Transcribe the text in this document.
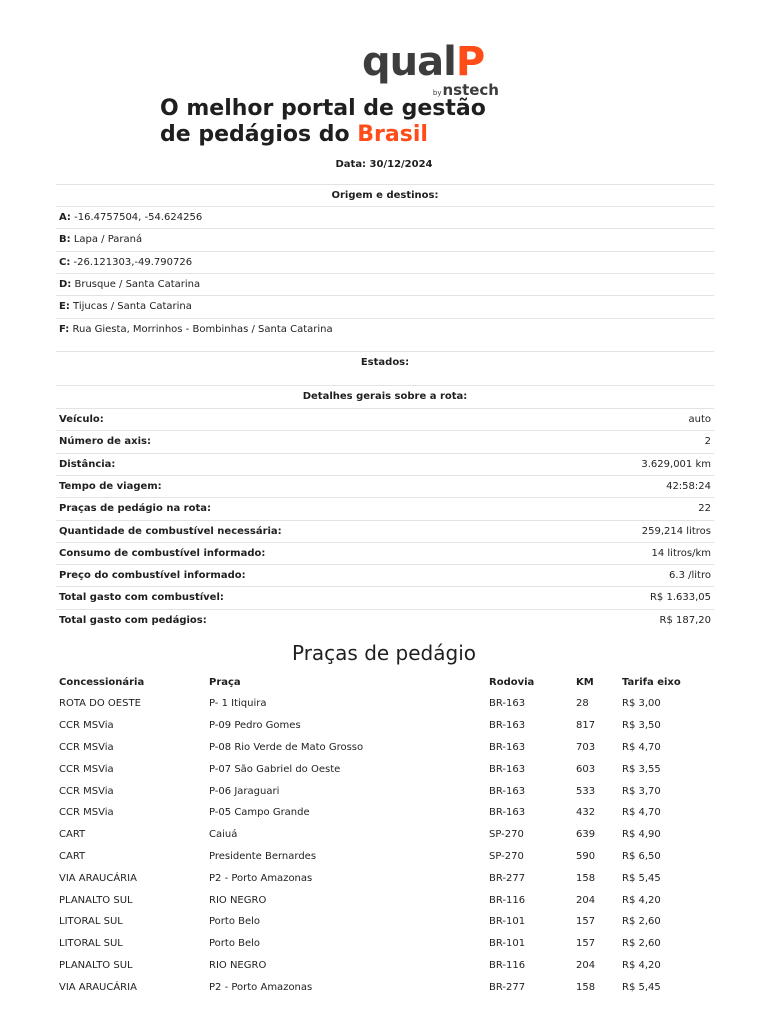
qualP
bynstech
O melhor portal de gestão
de pedágios do Brasil
Data: 30/12/2024
Origem e destinos:
A: -16.4757504, -54.624256
B: Lapa / Paraná
C: -26.121303,-49.790726
D: Brusque / Santa Catarina
E: Tijucas / Santa Catarina
F: Rua Giesta, Morrinhos - Bombinhas / Santa Catarina
Estados:
Detalhes gerais sobre a rota:
Veículo:	auto
Número de axis:	2
Distância:	3.629,001 km
Tempo de viagem:	42:58:24
Praças de pedágio na rota:	22
Quantidade de combustível necessária:	259,214 litros
Consumo de combustível informado:	14 litros/km
Preço do combustível informado:	6.3 /litro
Total gasto com combustível:	R$ 1.633,05
Total gasto com pedágios:	R$ 187,20
Praças de pedágio
Concessionária	Praça	Rodovia	KM	Tarifa eixo
ROTA DO OESTE	P- 1 Itiquira	BR-163	28	R$ 3,00
CCR MSVia	P-09 Pedro Gomes	BR-163	817	R$ 3,50
CCR MSVia	P-08 Rio Verde de Mato Grosso	BR-163	703	R$ 4,70
CCR MSVia	P-07 São Gabriel do Oeste	BR-163	603	R$ 3,55
CCR MSVia	P-06 Jaraguari	BR-163	533	R$ 3,70
CCR MSVia	P-05 Campo Grande	BR-163	432	R$ 4,70
CART	Caiuá	SP-270	639	R$ 4,90
CART	Presidente Bernardes	SP-270	590	R$ 6,50
VIA ARAUCÁRIA	P2 - Porto Amazonas	BR-277	158	R$ 5,45
PLANALTO SUL	RIO NEGRO	BR-116	204	R$ 4,20
LITORAL SUL	Porto Belo	BR-101	157	R$ 2,60
LITORAL SUL	Porto Belo	BR-101	157	R$ 2,60
PLANALTO SUL	RIO NEGRO	BR-116	204	R$ 4,20
VIA ARAUCÁRIA	P2 - Porto Amazonas	BR-277	158	R$ 5,45
